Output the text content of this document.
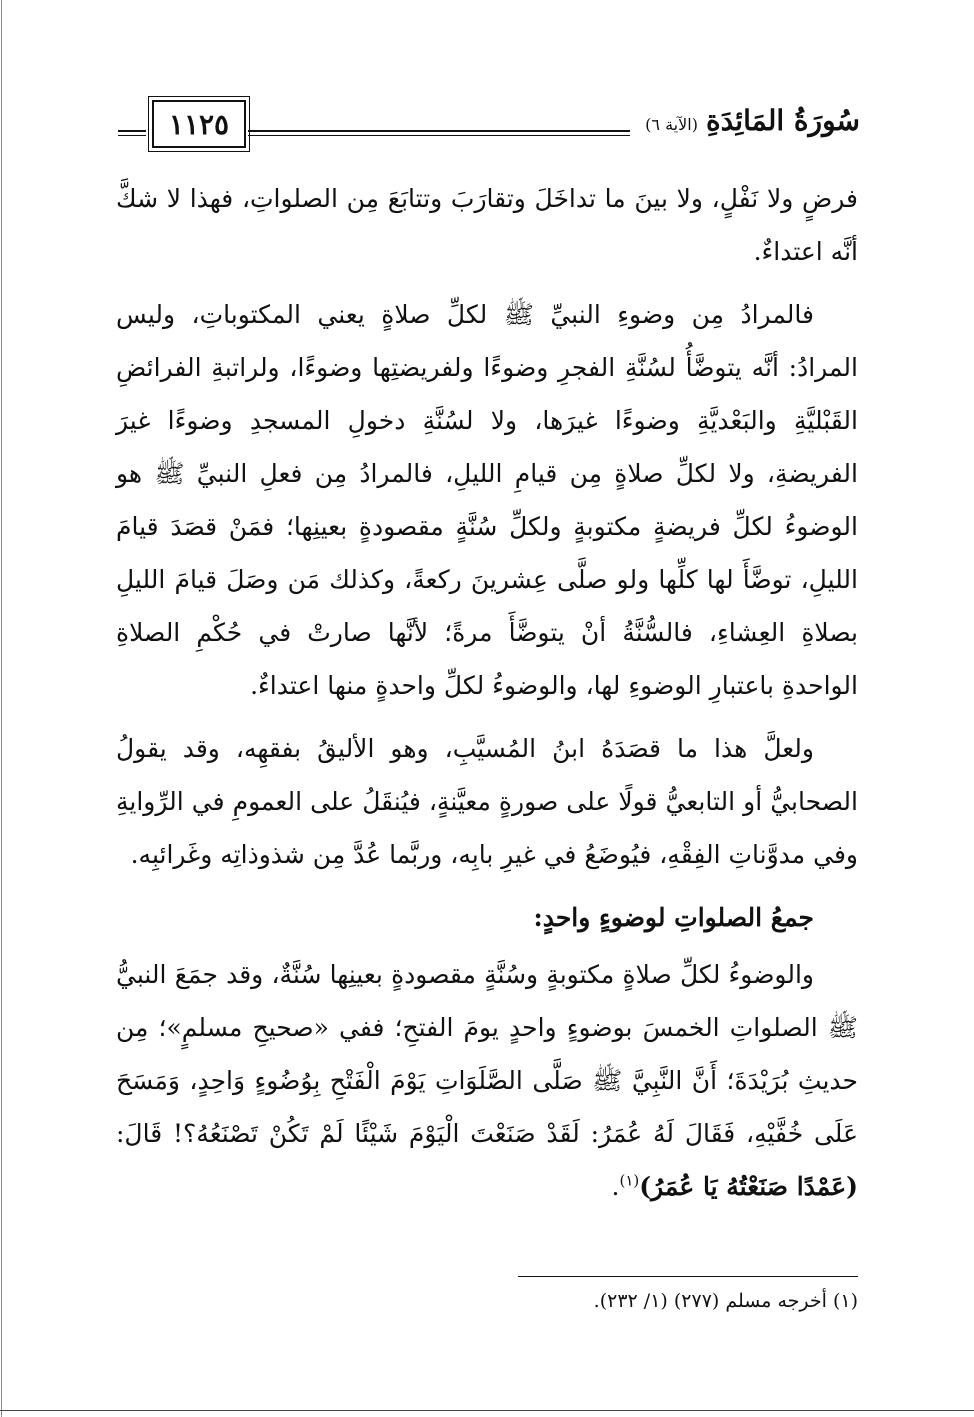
سُورَةُ المَائِدَةِ(الآية ٦)
١١٢٥

فرضٍ ولا نَفْلٍ، ولا بينَ ما تداخَلَ وتقارَبَ وتتابَعَ مِن الصلواتِ، فهذا لا شكَّ أنَّه اعتداءٌ.

فالمرادُ مِن وضوءِ النبيِّ ﷺ لكلِّ صلاةٍ يعني المكتوباتِ، وليس المرادُ: أنَّه يتوضَّأُ لسُنَّةِ الفجرِ وضوءًا ولفريضتِها وضوءًا، ولراتبةِ الفرائضِ القَبْليَّةِ والبَعْديَّةِ وضوءًا غيرَها، ولا لسُنَّةِ دخولِ المسجدِ وضوءًا غيرَ الفريضةِ، ولا لكلِّ صلاةٍ مِن قيامِ الليلِ، فالمرادُ مِن فعلِ النبيِّ ﷺ هو الوضوءُ لكلِّ فريضةٍ مكتوبةٍ ولكلِّ سُنَّةٍ مقصودةٍ بعينِها؛ فمَنْ قصَدَ قيامَ الليلِ، توضَّأَ لها كلِّها ولو صلَّى عِشرينَ ركعةً، وكذلك مَن وصَلَ قيامَ الليلِ بصلاةِ العِشاءِ، فالسُّنَّةُ أنْ يتوضَّأَ مرةً؛ لأنَّها صارتْ في حُكْمِ الصلاةِ الواحدةِ باعتبارِ الوضوءِ لها، والوضوءُ لكلِّ واحدةٍ منها اعتداءٌ.

ولعلَّ هذا ما قصَدَهُ ابنُ المُسيَّبِ، وهو الأليقُ بفقهِه، وقد يقولُ الصحابيُّ أو التابعيُّ قولًا على صورةٍ معيَّنةٍ، فيُنقَلُ على العمومِ في الرِّوايةِ وفي مدوَّناتِ الفِقْهِ، فيُوضَعُ في غيرِ بابِه، وربَّما عُدَّ مِن شذوذاتِه وغَرائبِه.

جمعُ الصلواتِ لوضوءٍ واحدٍ:

والوضوءُ لكلِّ صلاةٍ مكتوبةٍ وسُنَّةٍ مقصودةٍ بعينِها سُنَّةٌ، وقد جمَعَ النبيُّ ﷺ الصلواتِ الخمسَ بوضوءٍ واحدٍ يومَ الفتحِ؛ ففي «صحيحِ مسلمٍ»؛ مِن حديثِ بُرَيْدَةَ؛ أَنَّ النَّبِيَّ ﷺ صَلَّى الصَّلَوَاتِ يَوْمَ الْفَتْحِ بِوُضُوءٍ وَاحِدٍ، وَمَسَحَ عَلَى خُفَّيْهِ، فَقَالَ لَهُ عُمَرُ: لَقَدْ صَنَعْتَ الْيَوْمَ شَيْئًا لَمْ تَكُنْ تَصْنَعُهُ؟! قَالَ: (عَمْدًا صَنَعْتُهُ يَا عُمَرُ)$^{(١)}$.

(١) أخرجه مسلم (٢٧٧) (١/ ٢٣٢).
